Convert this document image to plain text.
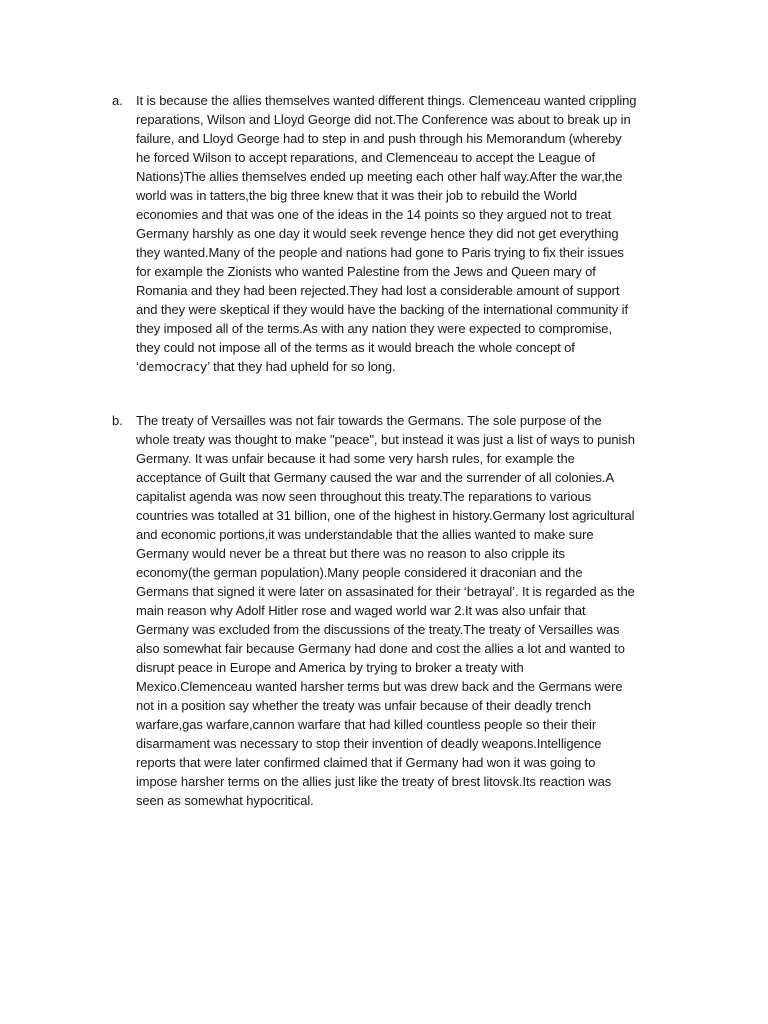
a. It is because the allies themselves wanted different things. Clemenceau wanted crippling
reparations, Wilson and Lloyd George did not.The Conference was about to break up in
failure, and Lloyd George had to step in and push through his Memorandum (whereby
he forced Wilson to accept reparations, and Clemenceau to accept the League of
Nations)The allies themselves ended up meeting each other half way.After the war,the
world was in tatters,the big three knew that it was their job to rebuild the World
economies and that was one of the ideas in the 14 points so they argued not to treat
Germany harshly as one day it would seek revenge hence they did not get everything
they wanted.Many of the people and nations had gone to Paris trying to fix their issues
for example the Zionists who wanted Palestine from the Jews and Queen mary of
Romania and they had been rejected.They had lost a considerable amount of support
and they were skeptical if they would have the backing of the international community if
they imposed all of the terms.As with any nation they were expected to compromise,
they could not impose all of the terms as it would breach the whole concept of
‘democracy’ that they had upheld for so long.
b. The treaty of Versailles was not fair towards the Germans. The sole purpose of the
whole treaty was thought to make "peace", but instead it was just a list of ways to punish
Germany. It was unfair because it had some very harsh rules, for example the
acceptance of Guilt that Germany caused the war and the surrender of all colonies.A
capitalist agenda was now seen throughout this treaty.The reparations to various
countries was totalled at 31 billion, one of the highest in history.Germany lost agricultural
and economic portions,it was understandable that the allies wanted to make sure
Germany would never be a threat but there was no reason to also cripple its
economy(the german population).Many people considered it draconian and the
Germans that signed it were later on assasinated for their ‘betrayal’. It is regarded as the
main reason why Adolf Hitler rose and waged world war 2.It was also unfair that
Germany was excluded from the discussions of the treaty.The treaty of Versailles was
also somewhat fair because Germany had done and cost the allies a lot and wanted to
disrupt peace in Europe and America by trying to broker a treaty with
Mexico.Clemenceau wanted harsher terms but was drew back and the Germans were
not in a position say whether the treaty was unfair because of their deadly trench
warfare,gas warfare,cannon warfare that had killed countless people so their their
disarmament was necessary to stop their invention of deadly weapons.Intelligence
reports that were later confirmed claimed that if Germany had won it was going to
impose harsher terms on the allies just like the treaty of brest litovsk.Its reaction was
seen as somewhat hypocritical.
